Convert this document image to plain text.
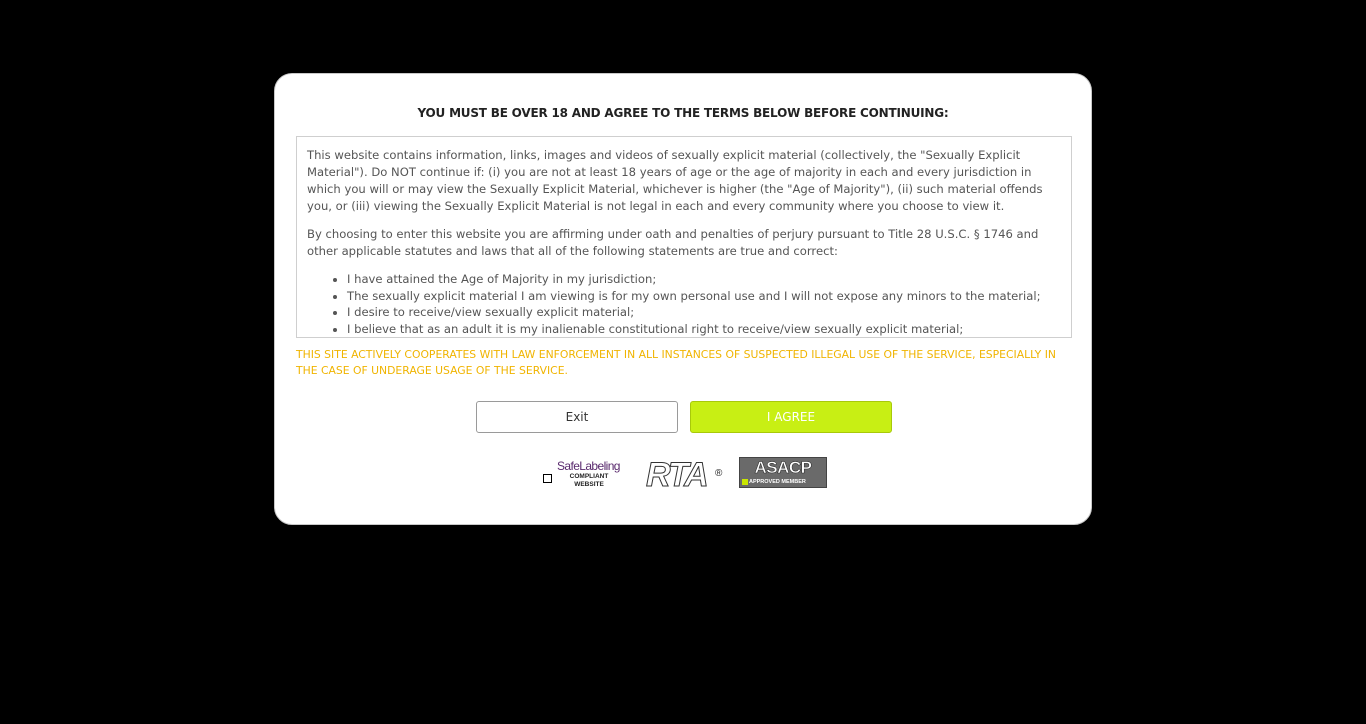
YOU MUST BE OVER 18 AND AGREE TO THE TERMS BELOW BEFORE CONTINUING:

This website contains information, links, images and videos of sexually explicit material (collectively, the "Sexually Explicit Material"). Do NOT continue if: (i) you are not at least 18 years of age or the age of majority in each and every jurisdiction in which you will or may view the Sexually Explicit Material, whichever is higher (the "Age of Majority"), (ii) such material offends you, or (iii) viewing the Sexually Explicit Material is not legal in each and every community where you choose to view it.

By choosing to enter this website you are affirming under oath and penalties of perjury pursuant to Title 28 U.S.C. § 1746 and other applicable statutes and laws that all of the following statements are true and correct:

• I have attained the Age of Majority in my jurisdiction;
• The sexually explicit material I am viewing is for my own personal use and I will not expose any minors to the material;
• I desire to receive/view sexually explicit material;
• I believe that as an adult it is my inalienable constitutional right to receive/view sexually explicit material;
THIS SITE ACTIVELY COOPERATES WITH LAW ENFORCEMENT IN ALL INSTANCES OF SUSPECTED ILLEGAL USE OF THE SERVICE, ESPECIALLY IN THE CASE OF UNDERAGE USAGE OF THE SERVICE.
Exit	I AGREE
SafeLabeling
COMPLIANT
WEBSITE	RTA ®	ASACP
APPROVED MEMBER
